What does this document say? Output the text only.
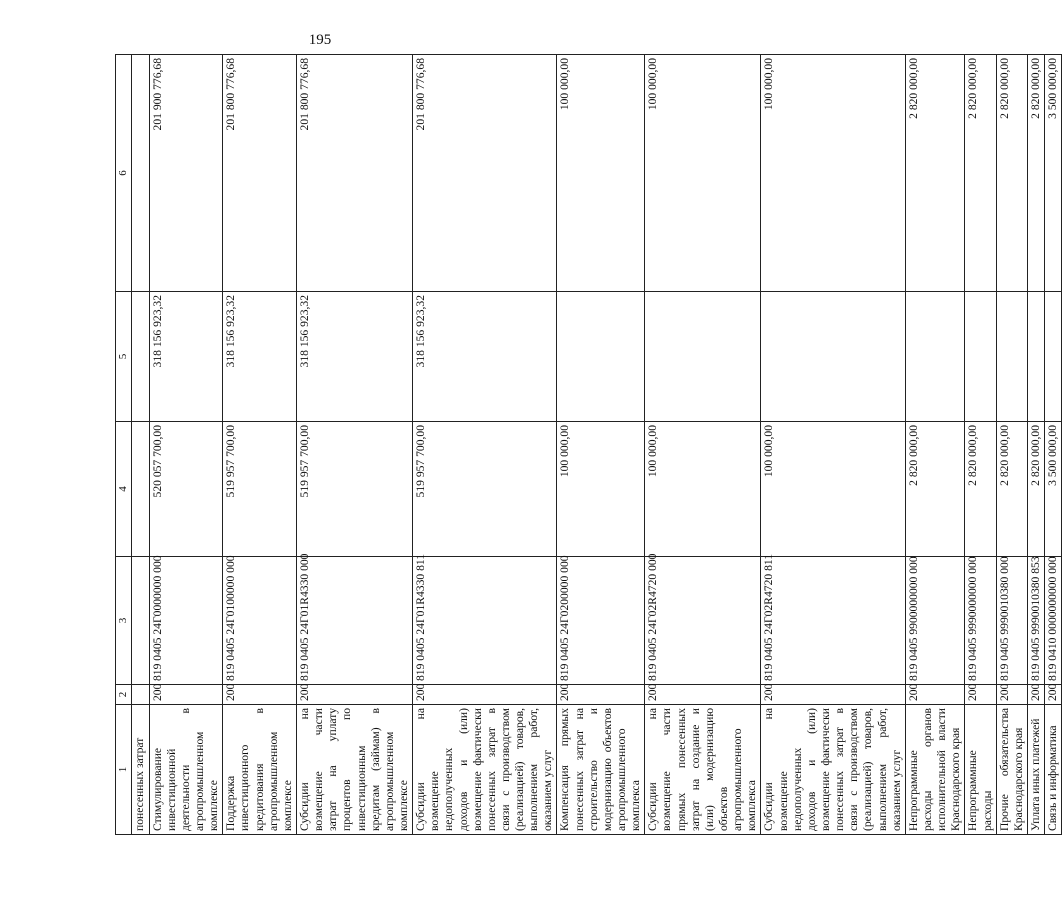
195
1	2	3	4	5	6
понесенных затрат					
Стимулирование инвестиционной деятельности в агропромышленном комплексе	200	819 0405 24Г0000000 000	520 057 700,00	318 156 923,32	201 900 776,68
Поддержка инвестиционного кредитования в агропромышленном комплексе	200	819 0405 24Г0100000 000	519 957 700,00	318 156 923,32	201 800 776,68
Субсидии на возмещение части затрат на уплату процентов по инвестиционным кредитам (займам) в агропромышленном комплексе	200	819 0405 24Г01R4330 000	519 957 700,00	318 156 923,32	201 800 776,68
Субсидии на возмещение недополученных доходов и (или) возмещение фактически понесенных затрат в связи с производством (реализацией) товаров, выполнением работ, оказанием услуг	200	819 0405 24Г01R4330 811	519 957 700,00	318 156 923,32	201 800 776,68
Компенсация прямых понесенных затрат на строительство и модернизацию объектов агропромышленного комплекса	200	819 0405 24Г0200000 000	100 000,00		100 000,00
Субсидии на возмещение части прямых понесенных затрат на создание и (или) модернизацию объектов агропромышленного комплекса	200	819 0405 24Г02R4720 000	100 000,00		100 000,00
Субсидии на возмещение недополученных доходов и (или) возмещение фактически понесенных затрат в связи с производством (реализацией) товаров, выполнением работ, оказанием услуг	200	819 0405 24Г02R4720 811	100 000,00		100 000,00
Непрограммные расходы органов исполнительной власти Краснодарского края	200	819 0405 9900000000 000	2 820 000,00		2 820 000,00
Непрограммные расходы	200	819 0405 9990000000 000	2 820 000,00		2 820 000,00
Прочие обязательства Краснодарского края	200	819 0405 9990010380 000	2 820 000,00		2 820 000,00
Уплата иных платежей	200	819 0405 9990010380 853	2 820 000,00		2 820 000,00
Связь и информатика	200	819 0410 0000000000 000	3 500 000,00		3 500 000,00
